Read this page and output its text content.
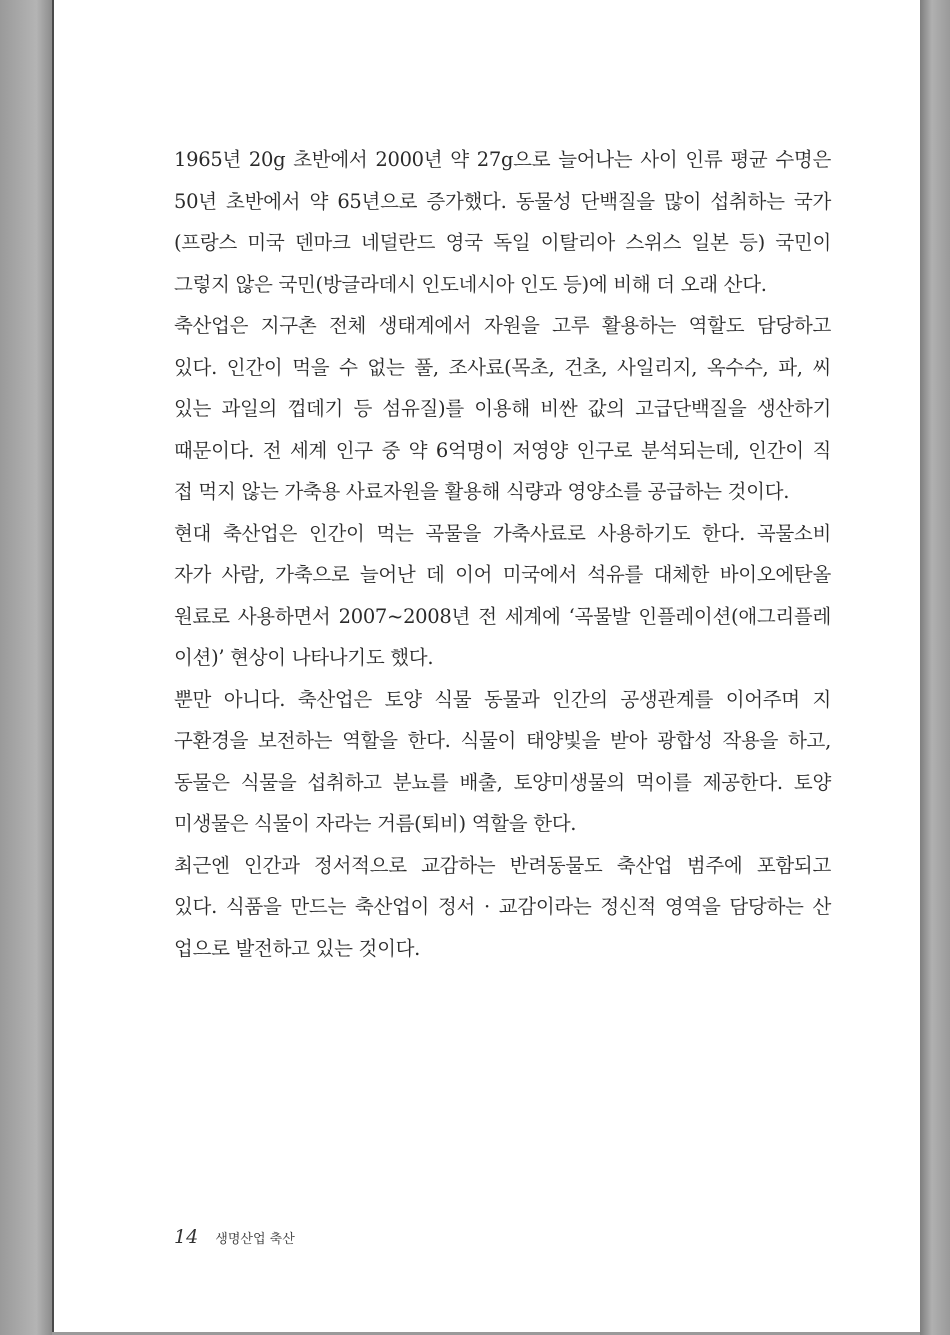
1965년 20g 초반에서 2000년 약 27g으로 늘어나는 사이 인류 평균 수명은
50년 초반에서 약 65년으로 증가했다. 동물성 단백질을 많이 섭취하는 국가
(프랑스 미국 덴마크 네덜란드 영국 독일 이탈리아 스위스 일본 등) 국민이
그렇지 않은 국민(방글라데시 인도네시아 인도 등)에 비해 더 오래 산다.
축산업은 지구촌 전체 생태계에서 자원을 고루 활용하는 역할도 담당하고
있다. 인간이 먹을 수 없는 풀, 조사료(목초, 건초, 사일리지, 옥수수, 파, 씨
있는 과일의 껍데기 등 섬유질)를 이용해 비싼 값의 고급단백질을 생산하기
때문이다. 전 세계 인구 중 약 6억명이 저영양 인구로 분석되는데, 인간이 직
접 먹지 않는 가축용 사료자원을 활용해 식량과 영양소를 공급하는 것이다.
현대 축산업은 인간이 먹는 곡물을 가축사료로 사용하기도 한다. 곡물소비
자가 사람, 가축으로 늘어난 데 이어 미국에서 석유를 대체한 바이오에탄올
원료로 사용하면서 2007~2008년 전 세계에 ‘곡물발 인플레이션(애그리플레
이션)’ 현상이 나타나기도 했다.
뿐만 아니다. 축산업은 토양 식물 동물과 인간의 공생관계를 이어주며 지
구환경을 보전하는 역할을 한다. 식물이 태양빛을 받아 광합성 작용을 하고,
동물은 식물을 섭취하고 분뇨를 배출, 토양미생물의 먹이를 제공한다. 토양
미생물은 식물이 자라는 거름(퇴비) 역할을 한다.
최근엔 인간과 정서적으로 교감하는 반려동물도 축산업 범주에 포함되고
있다. 식품을 만드는 축산업이 정서 · 교감이라는 정신적 영역을 담당하는 산
업으로 발전하고 있는 것이다.
14 생명산업 축산
